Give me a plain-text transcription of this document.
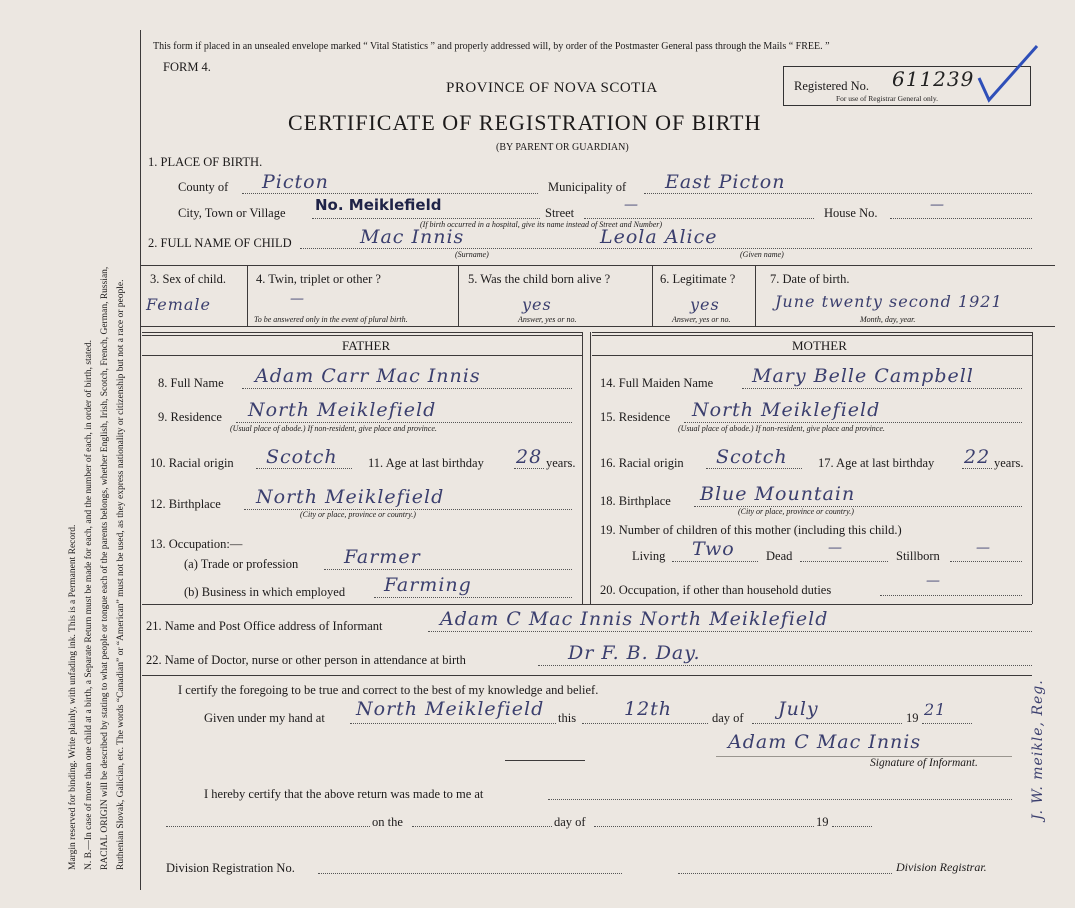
Margin reserved for binding. Write plainly, with unfading ink. This is a Permanent Record. N. B.—In case of more than one child at a birth, a Separate Return must be made for each, and the number of each, in order of birth, stated. RACIAL ORIGIN will be described by stating to what people or tongue each of the parents belongs, whether English, Irish, Scotch, French, German, Russian, Ruthenian Slovak, Galician, etc. The words “Canadian” or “American” must not be used, as they express nationality or citizenship but not a race or people.
This form if placed in an unsealed envelope marked “ Vital Statistics ” and properly addressed will, by order of the Postmaster General pass through the Mails “ FREE. ”
FORM 4.
PROVINCE OF NOVA SCOTIA
CERTIFICATE OF REGISTRATION OF BIRTH
(BY PARENT OR GUARDIAN)
Registered No. 611239
For use of Registrar General only.
1. PLACE OF BIRTH.
County of Picton	Municipality of East Picton
City, Town or Village No. Meiklefield
(If birth occurred in a hospital, give its name instead of Street and Number)
Street	—	House No.	—
2. FULL NAME OF CHILD	Mac Innis	Leola Alice
(Surname)	(Given name)
3. Sex of child.
Female
4. Twin, triplet or other ?
—
To be answered only in the event of plural birth.
5. Was the child born alive ?
yes
Answer, yes or no.
6. Legitimate ?
yes
Answer, yes or no.
7. Date of birth.
June twenty second 1921
Month, day, year.
FATHER	MOTHER
8. Full Name Adam Carr Mac Innis
9. Residence North Meiklefield
(Usual place of abode.) If non-resident, give place and province.
10. Racial origin Scotch 11. Age at last birthday 28 years.
12. Birthplace North Meiklefield
(City or place, province or country.)
13. Occupation:—
(a) Trade or profession Farmer
(b) Business in which employed Farming
14. Full Maiden Name Mary Belle Campbell
15. Residence North Meiklefield
(Usual place of abode.) If non-resident, give place and province.
16. Racial origin Scotch 17. Age at last birthday 22 years.
18. Birthplace Blue Mountain
(City or place, province or country.)
19. Number of children of this mother (including this child.)
Living Two	Dead	—	Stillborn	—
20. Occupation, if other than household duties
—
21. Name and Post Office address of Informant	Adam C Mac Innis North Meiklefield
22. Name of Doctor, nurse or other person in attendance at birth	Dr F. B. Day.
I certify the foregoing to be true and correct to the best of my knowledge and belief.
Given under my hand at North Meiklefield this	12th	day of July	19 21
Adam C Mac Innis
Signature of Informant.
I hereby certify that the above return was made to me at
on the	day of	19
Division Registration No.	Division Registrar.
J. W. meikle, Reg.
